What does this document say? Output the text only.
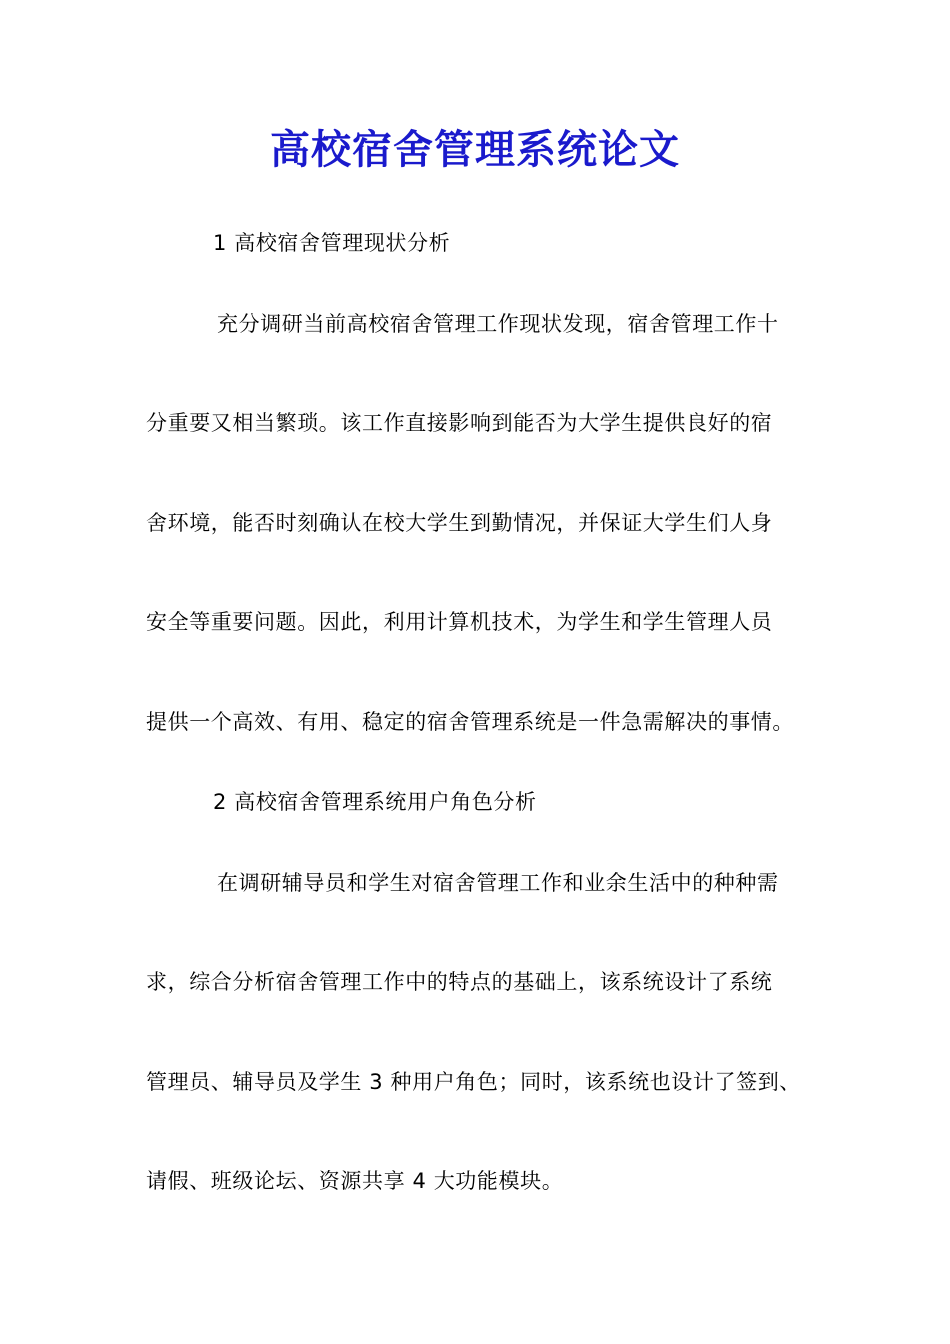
高校宿舍管理系统论文
1 高校宿舍管理现状分析
充分调研当前高校宿舍管理工作现状发现，宿舍管理工作十
分重要又相当繁琐。该工作直接影响到能否为大学生提供良好的宿
舍环境，能否时刻确认在校大学生到勤情况，并保证大学生们人身
安全等重要问题。因此，利用计算机技术，为学生和学生管理人员
提供一个高效、有用、稳定的宿舍管理系统是一件急需解决的事情。
2 高校宿舍管理系统用户角色分析
在调研辅导员和学生对宿舍管理工作和业余生活中的种种需
求，综合分析宿舍管理工作中的特点的基础上，该系统设计了系统
管理员、辅导员及学生 3 种用户角色；同时，该系统也设计了签到、
请假、班级论坛、资源共享 4 大功能模块。
